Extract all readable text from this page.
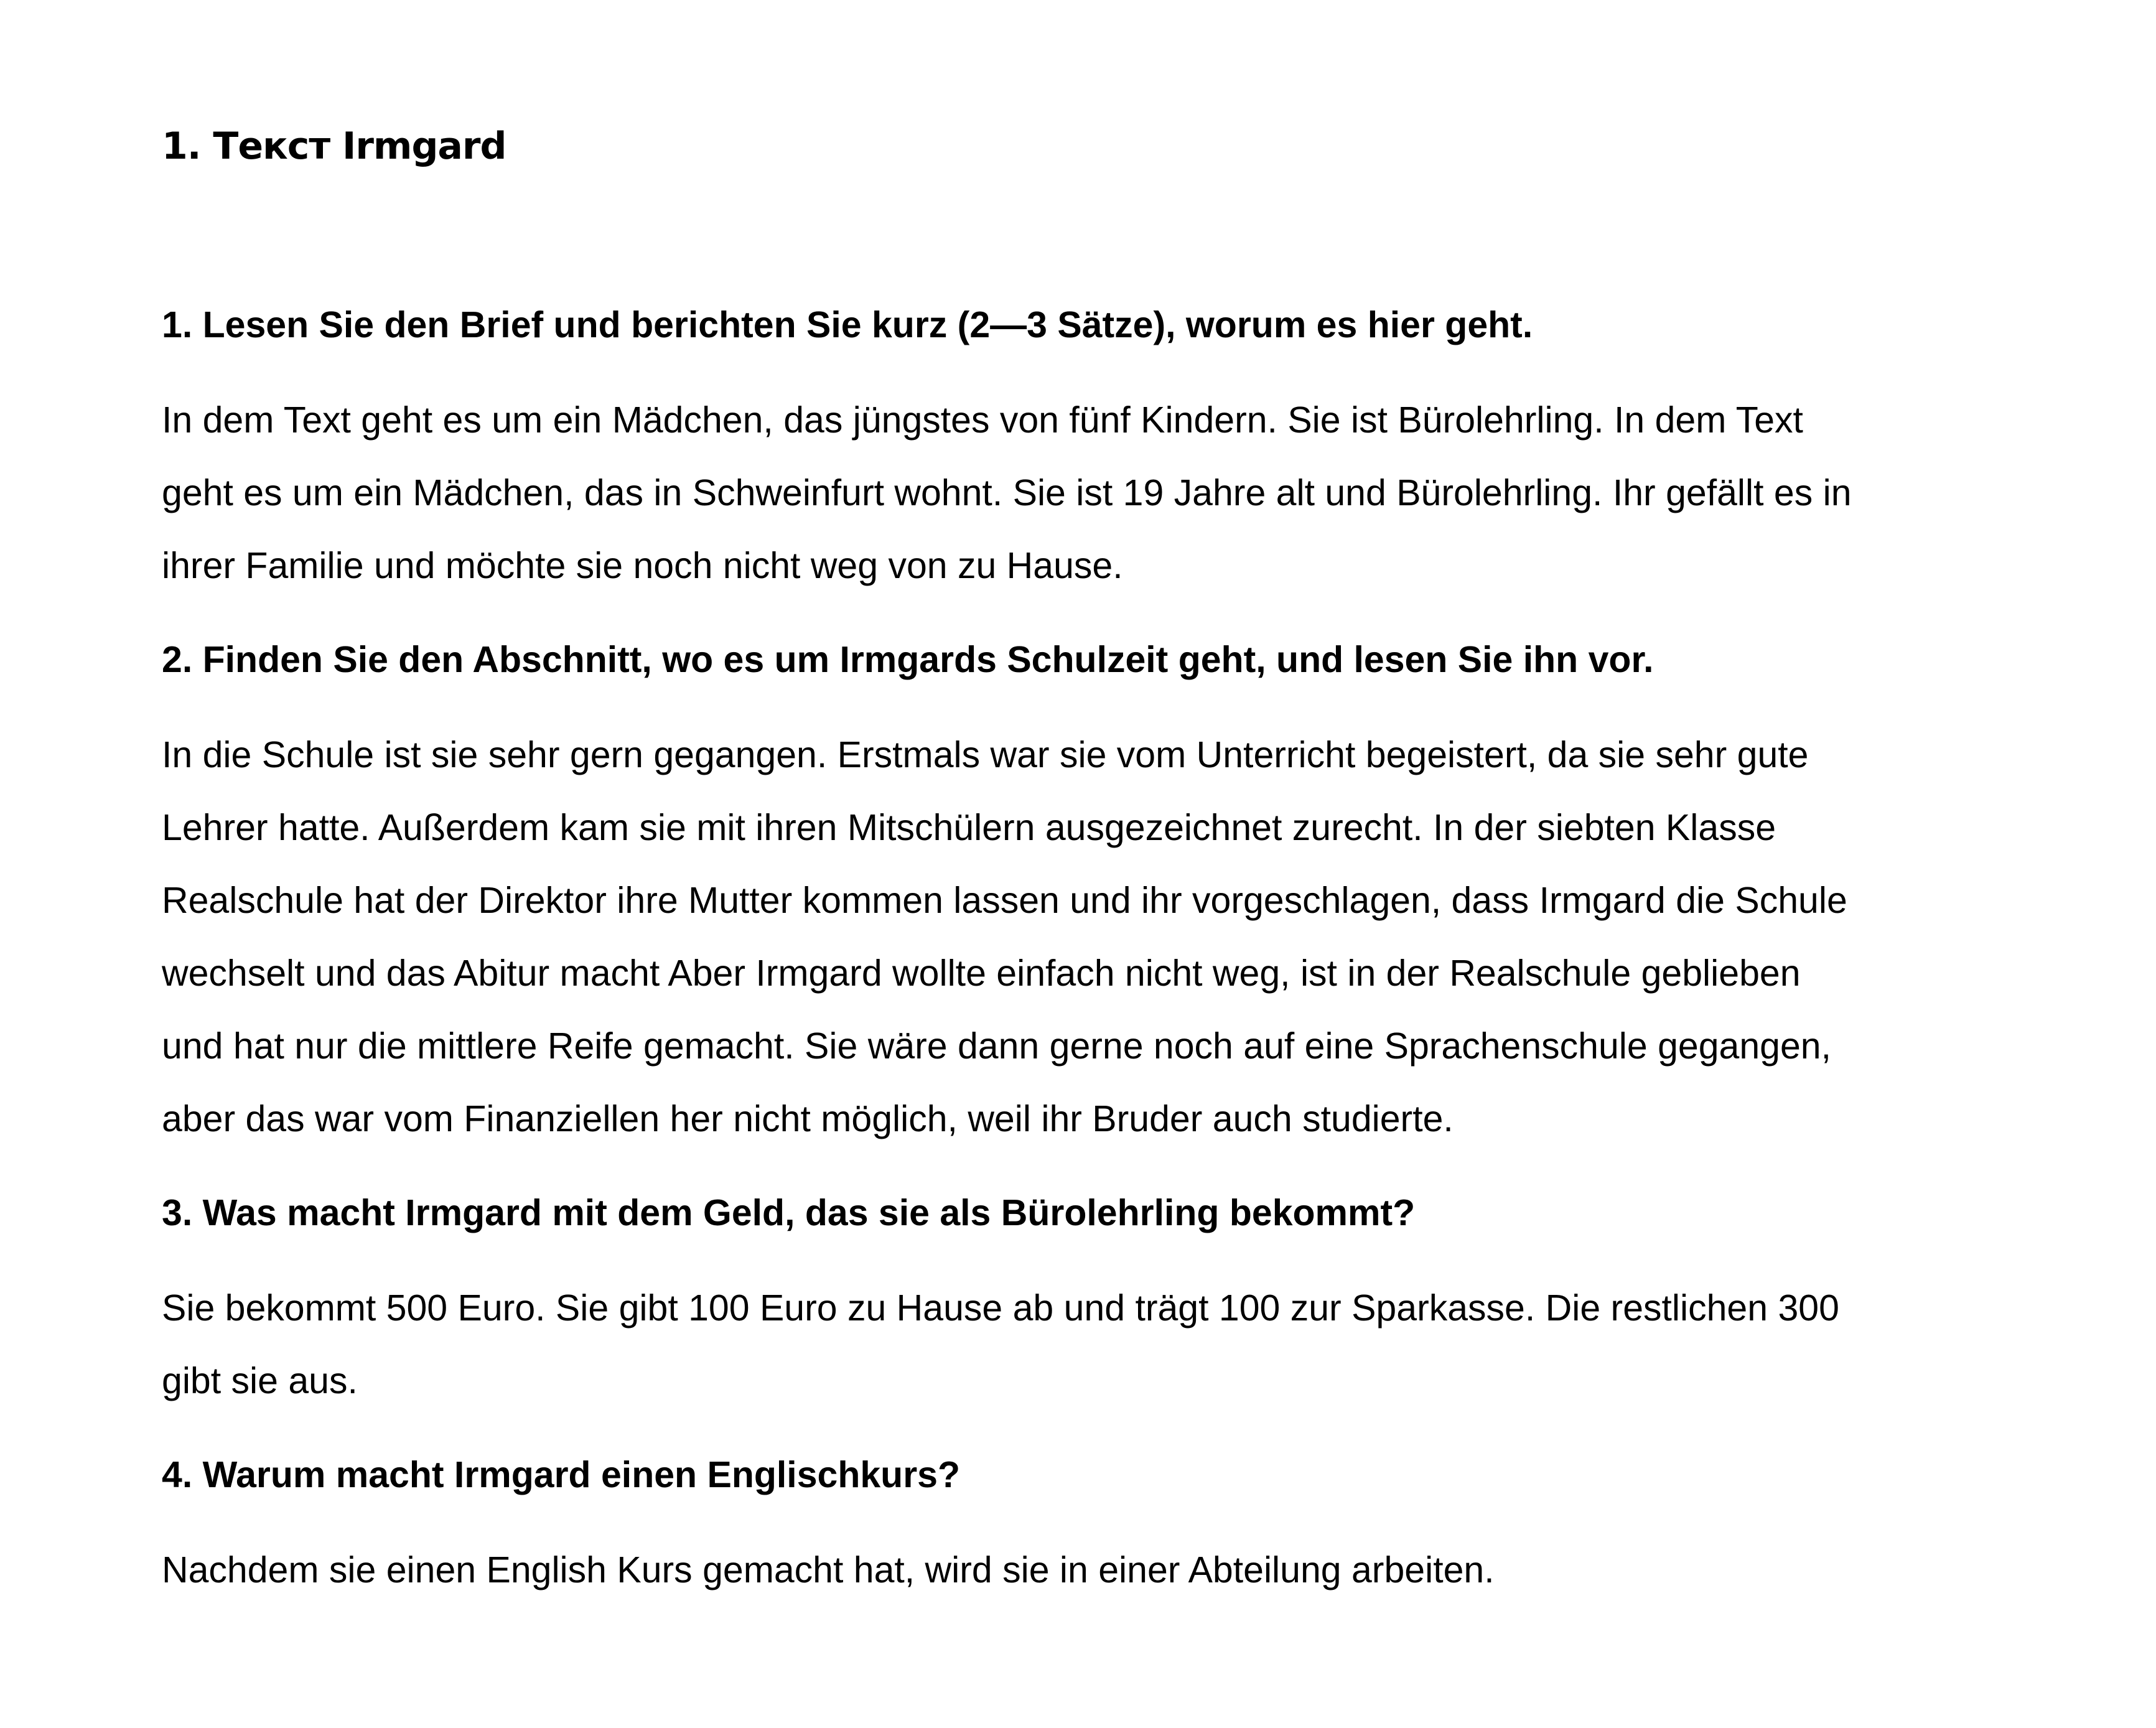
1. Текст Irmgard

1. Lesen Sie den Brief und berichten Sie kurz (2—3 Sätze), worum es hier geht.

In dem Text geht es um ein Mädchen, das jüngstes von fünf Kindern. Sie ist Bürolehrling. In dem Text
geht es um ein Mädchen, das in Schweinfurt wohnt. Sie ist 19 Jahre alt und Bürolehrling. Ihr gefällt es in
ihrer Familie und möchte sie noch nicht weg von zu Hause.

2. Finden Sie den Abschnitt, wo es um Irmgards Schulzeit geht, und lesen Sie ihn vor.

In die Schule ist sie sehr gern gegangen. Erstmals war sie vom Unterricht begeistert, da sie sehr gute
Lehrer hatte. Außerdem kam sie mit ihren Mitschülern ausgezeichnet zurecht. In der siebten Klasse
Realschule hat der Direktor ihre Mutter kommen lassen und ihr vorgeschlagen, dass Irmgard die Schule
wechselt und das Abitur macht Aber Irmgard wollte einfach nicht weg, ist in der Realschule geblieben
und hat nur die mittlere Reife gemacht. Sie wäre dann gerne noch auf eine Sprachenschule gegangen,
aber das war vom Finanziellen her nicht möglich, weil ihr Bruder auch studierte.

3. Was macht Irmgard mit dem Geld, das sie als Bürolehrling bekommt?

Sie bekommt 500 Euro. Sie gibt 100 Euro zu Hause ab und trägt 100 zur Sparkasse. Die restlichen 300
gibt sie aus.

4. Warum macht Irmgard einen Englischkurs?

Nachdem sie einen English Kurs gemacht hat, wird sie in einer Abteilung arbeiten.
